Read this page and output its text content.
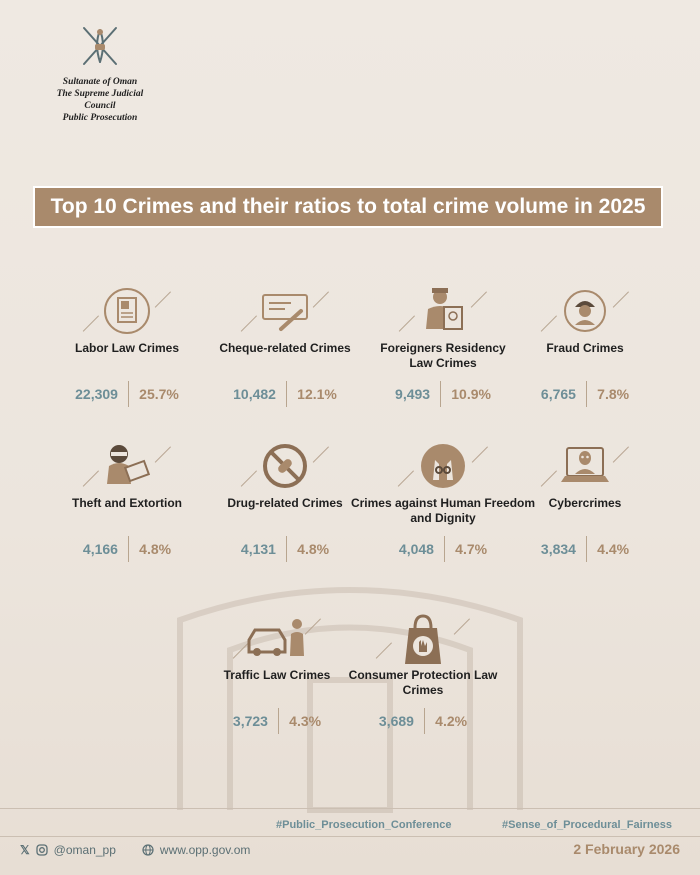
Sultanate of Oman
The Supreme Judicial Council
Public Prosecution
Top 10 Crimes and their ratios to total crime volume in 2025
Labor Law Crimes
22,309	25.7%
Cheque-related Crimes
10,482	12.1%
Foreigners Residency Law Crimes
9,493	10.9%
Fraud Crimes
6,765	7.8%
Theft and Extortion
4,166	4.8%
Drug-related Crimes
4,131	4.8%
Crimes against Human Freedom and Dignity
4,048	4.7%
Cybercrimes
3,834	4.4%
Traffic Law Crimes
3,723	4.3%
Consumer Protection Law Crimes
3,689	4.2%
#Public_Prosecution_Conference	#Sense_of_Procedural_Fairness
𝕏 @oman_pp	www.opp.gov.om	2 February 2026
